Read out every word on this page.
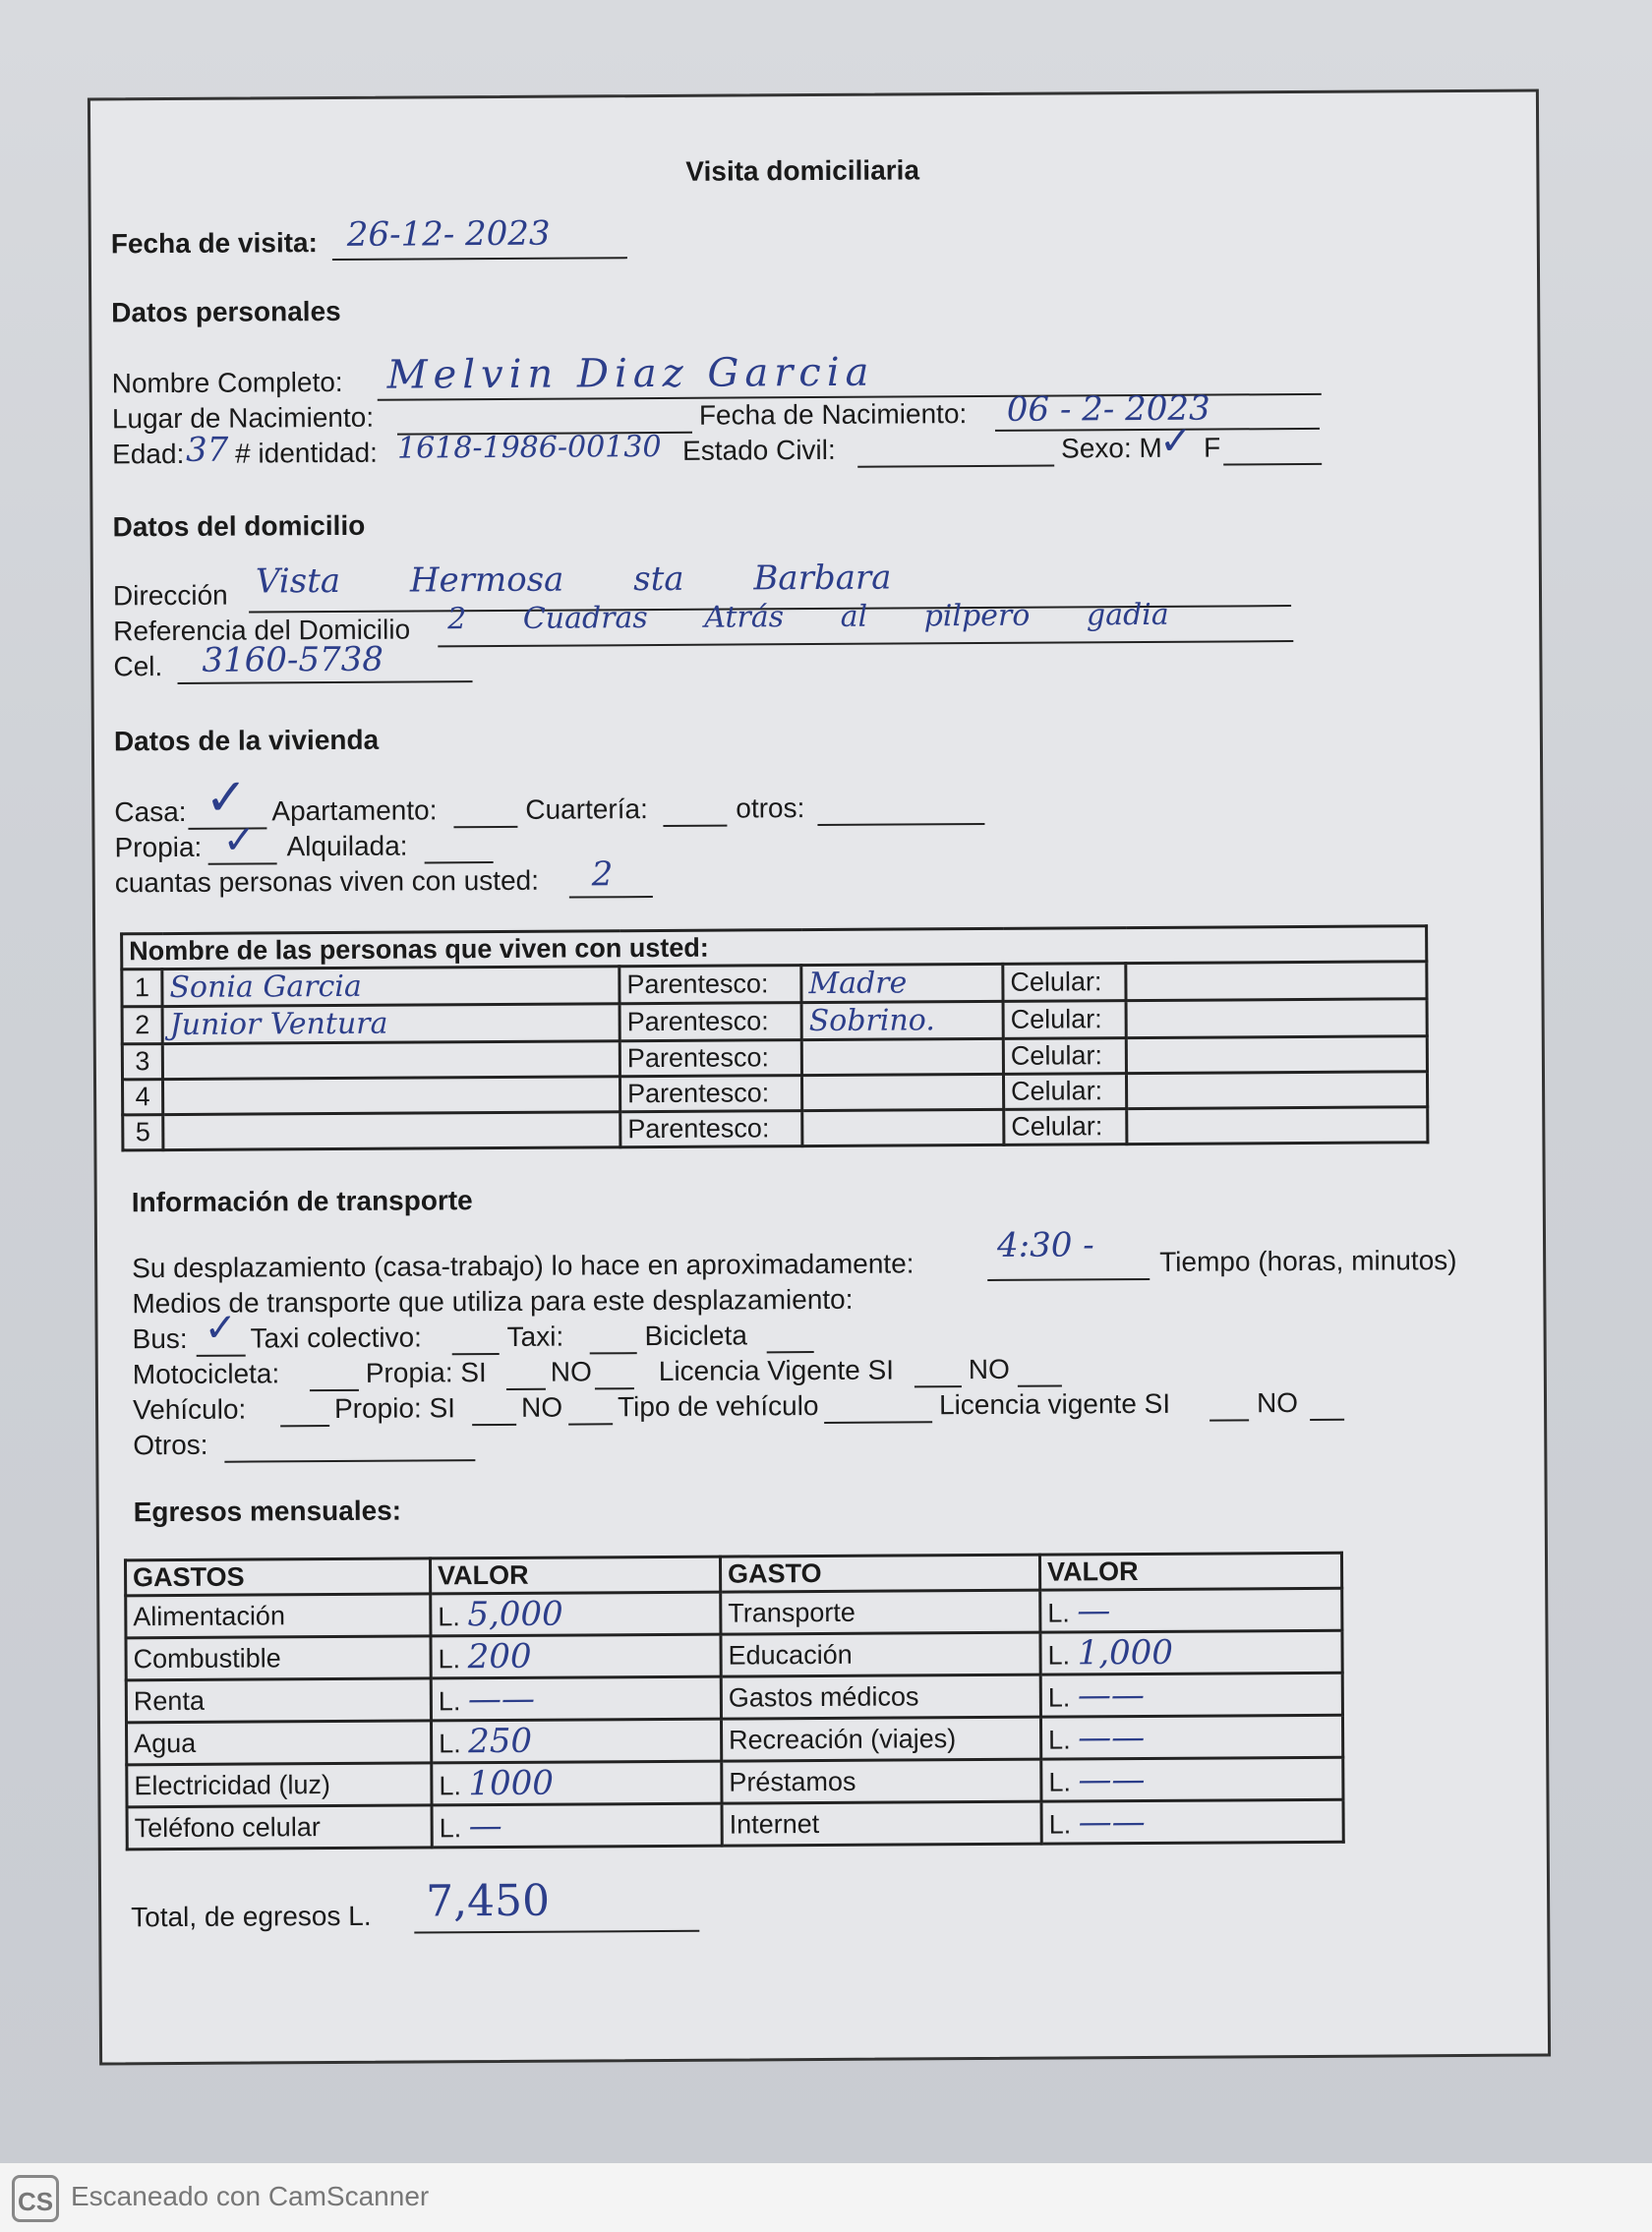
Visita domiciliaria
Fecha de visita: 26-12- 2023
Datos personales
Nombre Completo: Melvin Diaz Garcia
Lugar de Nacimiento:	Fecha de Nacimiento: 06 - 2- 2023
Edad: 37 # identidad: 1618-1986-00130 Estado Civil:	Sexo: M
✓ F
Datos del domicilio
Dirección Vista Hermosa sta Barbara
Referencia del Domicilio 2 Cuadras Atrás al pilpero gadia
Cel. 3160-5738
Datos de la vivienda
Casa: ✓ Apartamento:	Cuartería:	otros:
Propia: ✓ Alquilada:
cuantas personas viven con usted: 2
Nombre de las personas que viven con usted:					
1	Sonia Garcia	Parentesco:	Madre	Celular:	
2	Junior Ventura	Parentesco:	Sobrino.	Celular:	
3		Parentesco:		Celular:	
4		Parentesco:		Celular:	
5		Parentesco:		Celular:	
Información de transporte
Su desplazamiento (casa-trabajo) lo hace en aproximadamente:
4:30 - Tiempo (horas, minutos)
Medios de transporte que utiliza para este desplazamiento:
Bus: ✓ Taxi colectivo:	Taxi:	Bicicleta
Motocicleta:	Propia: SI NO Licencia Vigente SI	NO
Vehículo:	Propio: SI NO Tipo de vehículo	Licencia vigente SI	NO
Otros:
Egresos mensuales:
GASTOS	VALOR	GASTO	VALOR
Alimentación	L. 5,000	Transporte	L. —
Combustible	L. 200	Educación	L. 1,000
Renta	L. ——	Gastos médicos	L. ——
Agua	L. 250	Recreación (viajes)	L. ——
Electricidad (luz)	L. 1000	Préstamos	L. ——
Teléfono celular	L. —	Internet	L. ——
Total, de egresos L. 7,450
CS Escaneado con CamScanner
